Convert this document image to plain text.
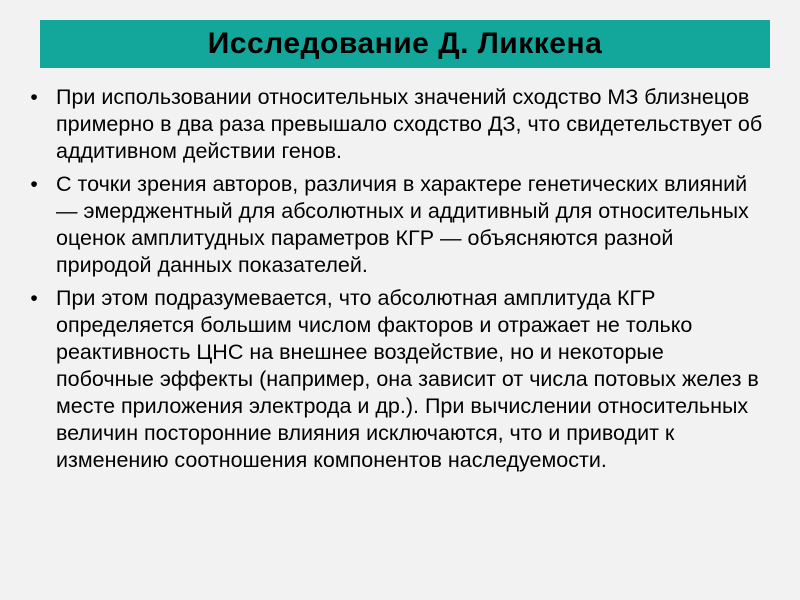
Исследование Д. Ликкена
• При использовании относительных значений сходство МЗ близнецов примерно в два раза превышало сходство ДЗ, что свидетельствует об аддитивном действии генов.
• С точки зрения авторов, различия в характере генетических влияний — эмерджентный для абсолютных и аддитивный для относительных оценок амплитудных параметров КГР — объясняются разной природой данных показателей.
• При этом подразумевается, что абсолютная амплитуда КГР определяется большим числом факторов и отражает не только реактивность ЦНС на внешнее воздействие, но и некоторые побочные эффекты (например, она зависит от числа потовых желез в месте приложения электрода и др.). При вычислении относительных величин посторонние влияния исключаются, что и приводит к изменению соотношения компонентов наследуемости.
